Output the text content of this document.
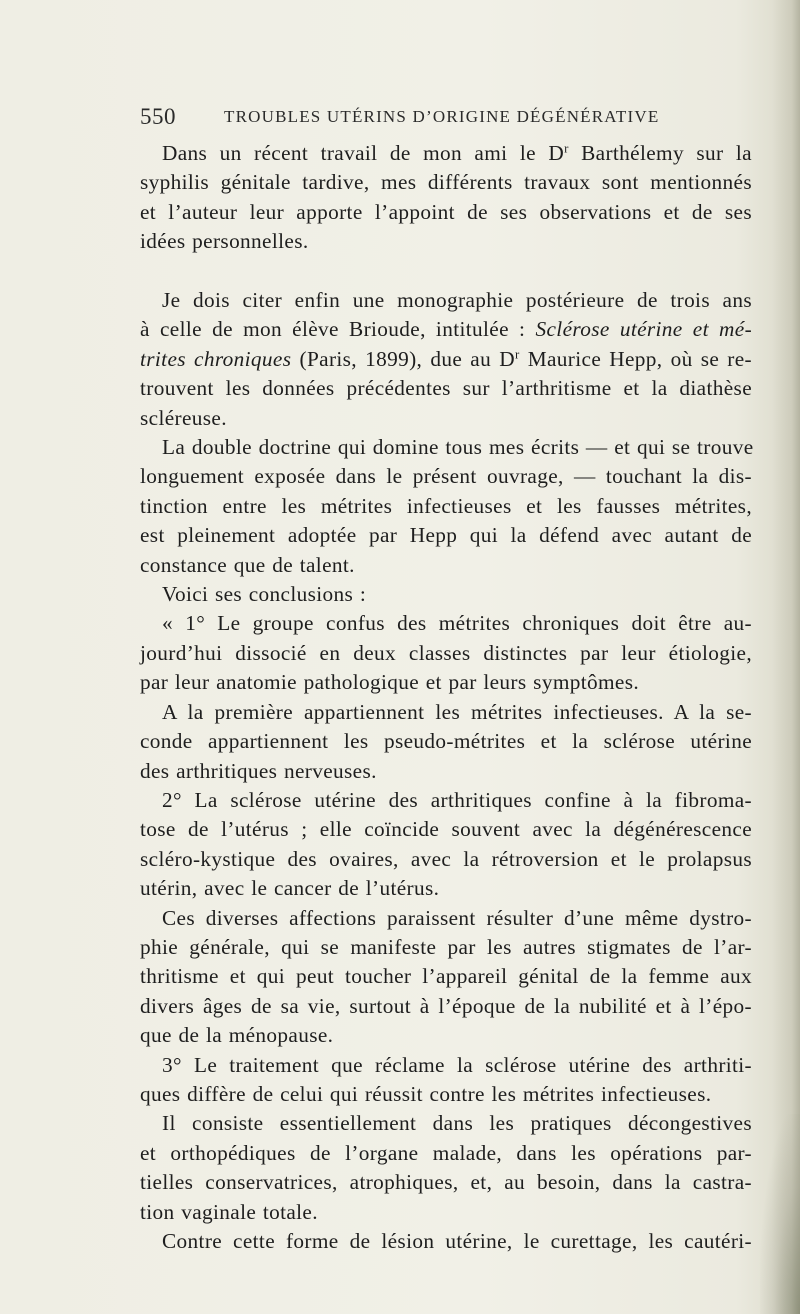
550	TROUBLES UTÉRINS D’ORIGINE DÉGÉNÉRATIVE
Dans un récent travail de mon ami le $D^r$ Barthélemy sur la
syphilis génitale tardive, mes différents travaux sont mentionnés
et l’auteur leur apporte l’appoint de ses observations et de ses
idées personnelles.
Je dois citer enfin une monographie postérieure de trois ans
à celle de mon élève Brioude, intitulée : Sclérose utérine et mé-
trites chroniques (Paris, 1899), due au $D^r$ Maurice Hepp, où se re-
trouvent les données précédentes sur l’arthritisme et la diathèse
scléreuse.
La double doctrine qui domine tous mes écrits — et qui se trouve
longuement exposée dans le présent ouvrage, — touchant la dis-
tinction entre les métrites infectieuses et les fausses métrites,
est pleinement adoptée par Hepp qui la défend avec autant de
constance que de talent.
Voici ses conclusions :
« 1° Le groupe confus des métrites chroniques doit être au-
jourd’hui dissocié en deux classes distinctes par leur étiologie,
par leur anatomie pathologique et par leurs symptômes.
A la première appartiennent les métrites infectieuses. A la se-
conde appartiennent les pseudo-métrites et la sclérose utérine
des arthritiques nerveuses.
2° La sclérose utérine des arthritiques confine à la fibroma-
tose de l’utérus ; elle coïncide souvent avec la dégénérescence
scléro-kystique des ovaires, avec la rétroversion et le prolapsus
utérin, avec le cancer de l’utérus.
Ces diverses affections paraissent résulter d’une même dystro-
phie générale, qui se manifeste par les autres stigmates de l’ar-
thritisme et qui peut toucher l’appareil génital de la femme aux
divers âges de sa vie, surtout à l’époque de la nubilité et à l’épo-
que de la ménopause.
3° Le traitement que réclame la sclérose utérine des arthriti-
ques diffère de celui qui réussit contre les métrites infectieuses.
Il consiste essentiellement dans les pratiques décongestives
et orthopédiques de l’organe malade, dans les opérations par-
tielles conservatrices, atrophiques, et, au besoin, dans la castra-
tion vaginale totale.
Contre cette forme de lésion utérine, le curettage, les cautéri-
